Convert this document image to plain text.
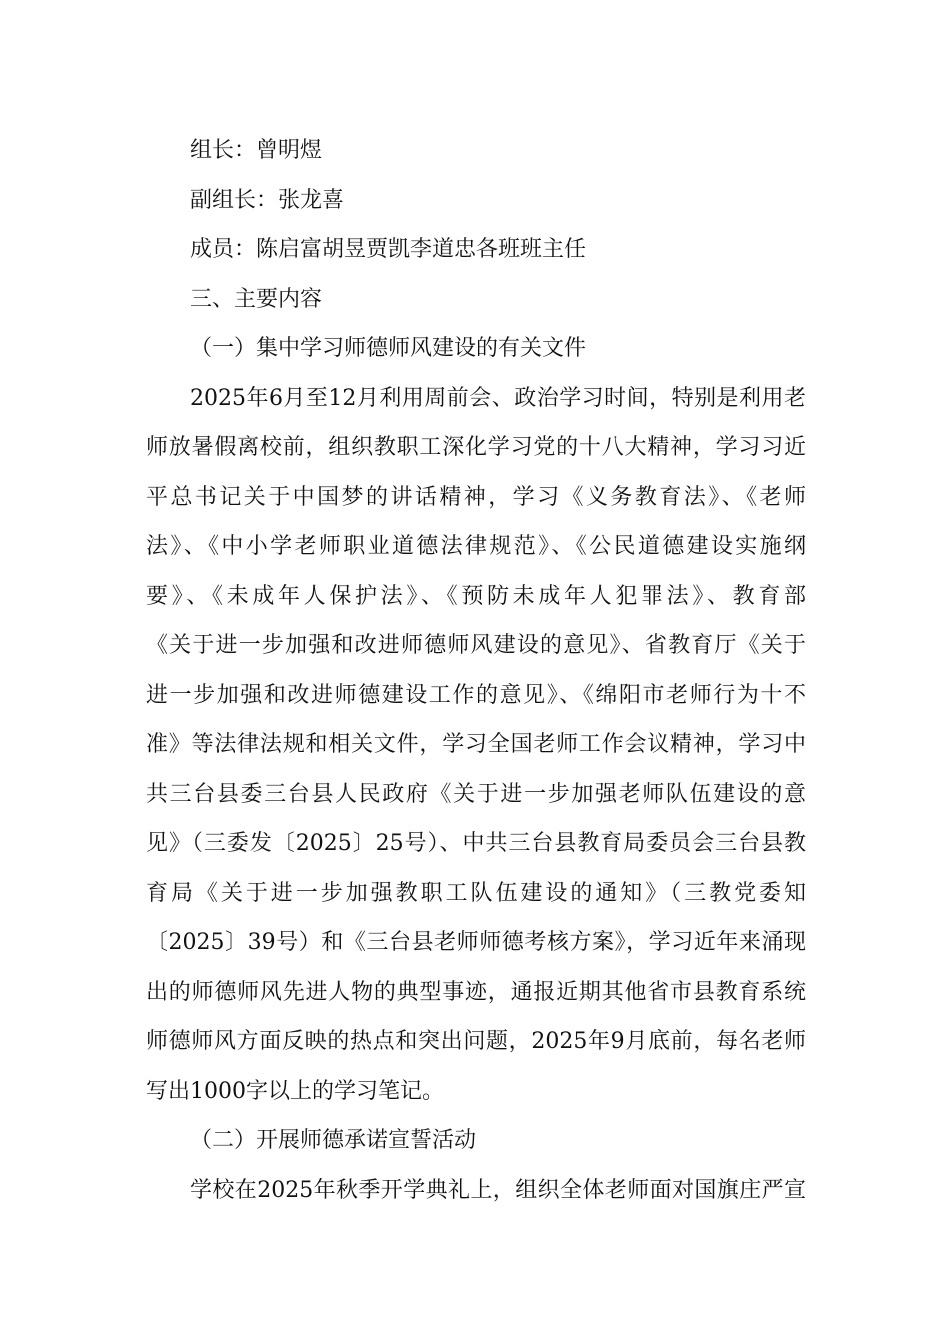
组长：曾明煜
副组长：张龙喜
成员：陈启富胡昱贾凯李道忠各班班主任
三、主要内容
（一）集中学习师德师风建设的有关文件
2025年6月至12月利用周前会、政治学习时间，特别是利用老
师放暑假离校前，组织教职工深化学习党的十八大精神，学习习近
平总书记关于中国梦的讲话精神，学习《义务教育法》、《老师
法》、《中小学老师职业道德法律规范》、《公民道德建设实施纲
要》、《未成年人保护法》、《预防未成年人犯罪法》、教育部
《关于进一步加强和改进师德师风建设的意见》、省教育厅《关于
进一步加强和改进师德建设工作的意见》、《绵阳市老师行为十不
准》等法律法规和相关文件，学习全国老师工作会议精神，学习中
共三台县委三台县人民政府《关于进一步加强老师队伍建设的意
见》（三委发〔2025〕25号）、中共三台县教育局委员会三台县教
育局《关于进一步加强教职工队伍建设的通知》（三教党委知
〔2025〕39号）和《三台县老师师德考核方案》，学习近年来涌现
出的师德师风先进人物的典型事迹，通报近期其他省市县教育系统
师德师风方面反映的热点和突出问题，2025年9月底前，每名老师
写出1000字以上的学习笔记。
（二）开展师德承诺宣誓活动
学校在2025年秋季开学典礼上，组织全体老师面对国旗庄严宣
